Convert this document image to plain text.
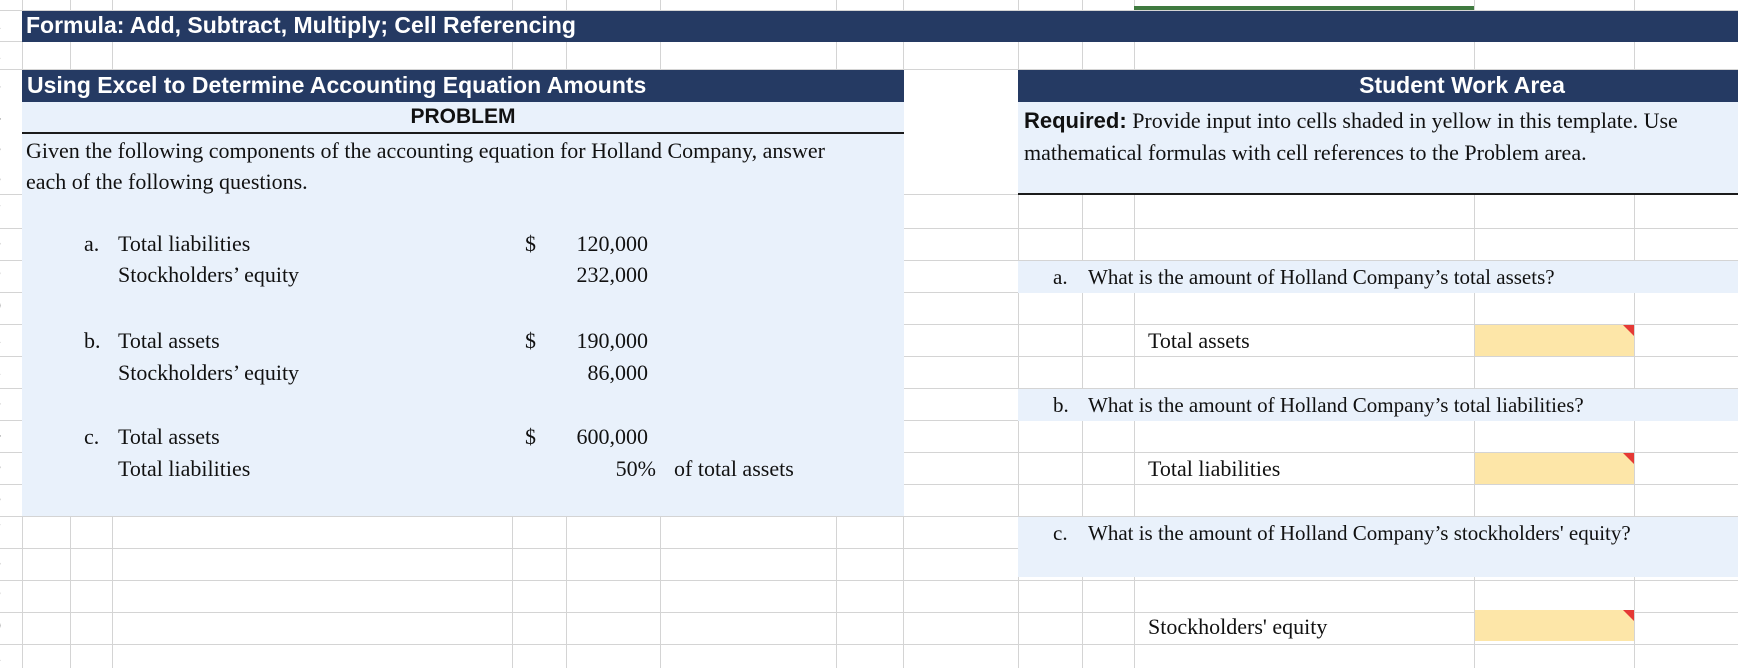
Formula: Add, Subtract, Multiply; Cell Referencing
Using Excel to Determine Accounting Equation Amounts
PROBLEM
Given the following components of the accounting equation for Holland Company, answer
each of the following questions.
a. Total liabilities	$	120,000
Stockholders’ equity	232,000
b. Total assets	$	190,000
Stockholders’ equity	86,000
c. Total assets	$	600,000
Total liabilities	50% of total assets
Student Work Area
Required: Provide input into cells shaded in yellow in this template. Use
mathematical formulas with cell references to the Problem area.
a. What is the amount of Holland Company’s total assets?
Total assets
b. What is the amount of Holland Company’s total liabilities?
Total liabilities
c. What is the amount of Holland Company’s stockholders' equity?
Stockholders' equity
